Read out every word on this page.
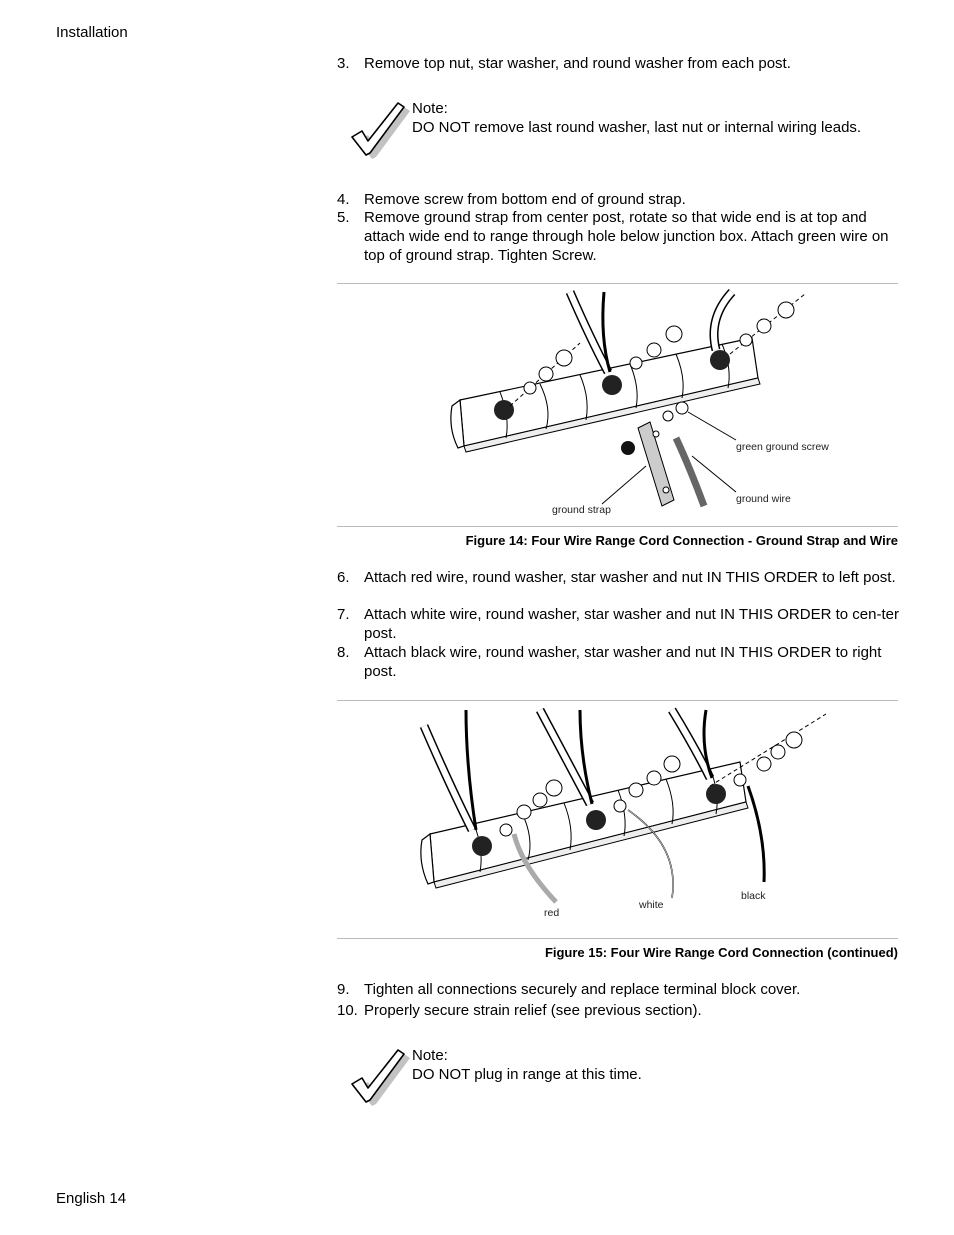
Installation
3. Remove top nut, star washer, and round washer from each post.
Note:
DO NOT remove last round washer, last nut or internal wiring leads.
4. Remove screw from bottom end of ground strap.
5. Remove ground strap from center post, rotate so that wide end is at top and attach wide end to range through hole below junction box. Attach green wire on top of ground strap. Tighten Screw.
green ground screw
ground wire
ground strap
Figure 14: Four Wire Range Cord Connection - Ground Strap and Wire
6. Attach red wire, round washer, star washer and nut IN THIS ORDER to left post.
7. Attach white wire, round washer, star washer and nut IN THIS ORDER to cen-ter post.
8. Attach black wire, round washer, star washer and nut IN THIS ORDER to right post.
red
white
black
Figure 15: Four Wire Range Cord Connection (continued)
9. Tighten all connections securely and replace terminal block cover.
10. Properly secure strain relief (see previous section).
Note:
DO NOT plug in range at this time.
English 14
